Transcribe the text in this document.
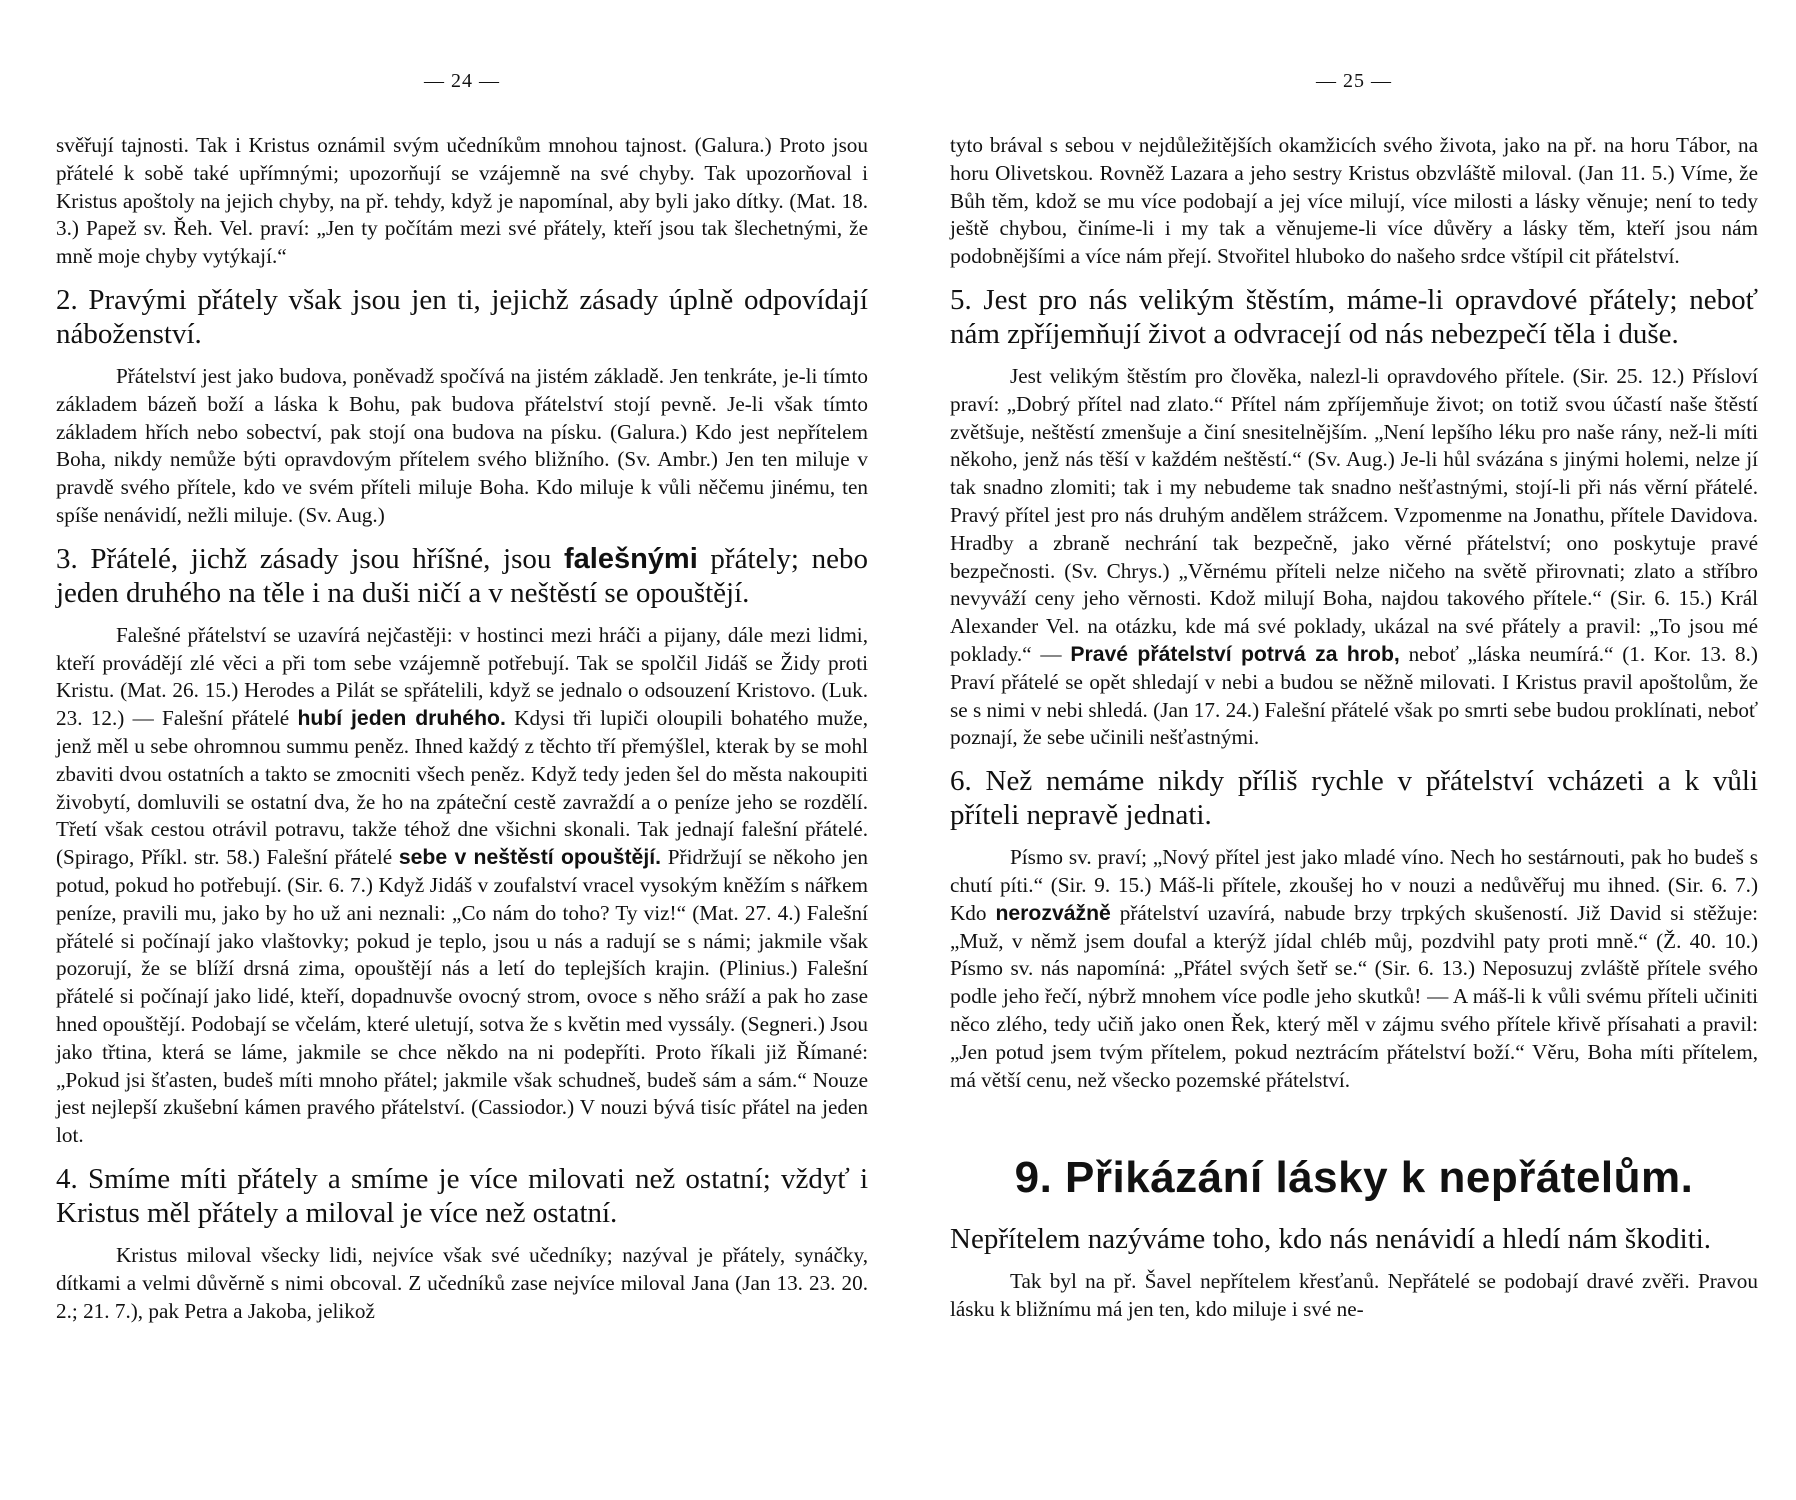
— 24 —

svěřují tajnosti. Tak i Kristus oznámil svým učedníkům mnohou tajnost. (Galura.) Proto jsou přátelé k sobě také upřímnými; upozorňují se vzájemně na své chyby. Tak upozorňoval i Kristus apoštoly na jejich chyby, na př. tehdy, když je napomínal, aby byli jako dítky. (Mat. 18. 3.) Papež sv. Řeh. Vel. praví: „Jen ty počítám mezi své přátely, kteří jsou tak šlechetnými, že mně moje chyby vytýkají.“

2. Pravými přátely však jsou jen ti, jejichž zásady úplně odpovídají náboženství.

Přátelství jest jako budova, poněvadž spočívá na jistém základě. Jen tenkráte, je-li tímto základem bázeň boží a láska k Bohu, pak budova přátelství stojí pevně. Je-li však tímto základem hřích nebo sobectví, pak stojí ona budova na písku. (Galura.) Kdo jest nepřítelem Boha, nikdy nemůže býti opravdovým přítelem svého bližního. (Sv. Ambr.) Jen ten miluje v pravdě svého přítele, kdo ve svém příteli miluje Boha. Kdo miluje k vůli něčemu jinému, ten spíše nenávidí, nežli miluje. (Sv. Aug.)

3. Přátelé, jichž zásady jsou hříšné, jsou falešnými přátely; nebo jeden druhého na těle i na duši ničí a v neštěstí se opouštějí.

Falešné přátelství se uzavírá nejčastěji: v hostinci mezi hráči a pijany, dále mezi lidmi, kteří provádějí zlé věci a při tom sebe vzájemně potřebují. Tak se spolčil Jidáš se Židy proti Kristu. (Mat. 26. 15.) Herodes a Pilát se spřátelili, když se jednalo o odsouzení Kristovo. (Luk. 23. 12.) — Falešní přátelé hubí jeden druhého. Kdysi tři lupiči oloupili bohatého muže, jenž měl u sebe ohromnou summu peněz. Ihned každý z těchto tří přemýšlel, kterak by se mohl zbaviti dvou ostatních a takto se zmocniti všech peněz. Když tedy jeden šel do města nakoupiti živobytí, domluvili se ostatní dva, že ho na zpáteční cestě zavraždí a o peníze jeho se rozdělí. Třetí však cestou otrávil potravu, takže téhož dne všichni skonali. Tak jednají falešní přátelé. (Spirago, Příkl. str. 58.) Falešní přátelé sebe v neštěstí opouštějí. Přidržují se někoho jen potud, pokud ho potřebují. (Sir. 6. 7.) Když Jidáš v zoufalství vracel vysokým kněžím s nářkem peníze, pravili mu, jako by ho už ani neznali: „Co nám do toho? Ty viz!“ (Mat. 27. 4.) Falešní přátelé si počínají jako vlaštovky; pokud je teplo, jsou u nás a radují se s námi; jakmile však pozorují, že se blíží drsná zima, opouštějí nás a letí do teplejších krajin. (Plinius.) Falešní přátelé si počínají jako lidé, kteří, dopadnuvše ovocný strom, ovoce s něho sráží a pak ho zase hned opouštějí. Podobají se včelám, které uletují, sotva že s květin med vyssály. (Segneri.) Jsou jako třtina, která se láme, jakmile se chce někdo na ni podepříti. Proto říkali již Římané: „Pokud jsi šťasten, budeš míti mnoho přátel; jakmile však schudneš, budeš sám a sám.“ Nouze jest nejlepší zkušební kámen pravého přátelství. (Cassiodor.) V nouzi bývá tisíc přátel na jeden lot.

4. Smíme míti přátely a smíme je více milovati než ostatní; vždyť i Kristus měl přátely a miloval je více než ostatní.

Kristus miloval všecky lidi, nejvíce však své učedníky; nazýval je přátely, synáčky, dítkami a velmi důvěrně s nimi obcoval. Z učedníků zase nejvíce miloval Jana (Jan 13. 23. 20. 2.; 21. 7.), pak Petra a Jakoba, jelikož

— 25 —

tyto brával s sebou v nejdůležitějších okamžicích svého života, jako na př. na horu Tábor, na horu Olivetskou. Rovněž Lazara a jeho sestry Kristus obzvláště miloval. (Jan 11. 5.) Víme, že Bůh těm, kdož se mu více podobají a jej více milují, více milosti a lásky věnuje; není to tedy ještě chybou, činíme-li i my tak a věnujeme-li více důvěry a lásky těm, kteří jsou nám podobnějšími a více nám přejí. Stvořitel hluboko do našeho srdce vštípil cit přátelství.

5. Jest pro nás velikým štěstím, máme-li opravdové přátely; neboť nám zpříjemňují život a odvracejí od nás nebezpečí těla i duše.

Jest velikým štěstím pro člověka, nalezl-li opravdového přítele. (Sir. 25. 12.) Přísloví praví: „Dobrý přítel nad zlato.“ Přítel nám zpříjemňuje život; on totiž svou účastí naše štěstí zvětšuje, neštěstí zmenšuje a činí snesitelnějším. „Není lepšího léku pro naše rány, než-li míti někoho, jenž nás těší v každém neštěstí.“ (Sv. Aug.) Je-li hůl svázána s jinými holemi, nelze jí tak snadno zlomiti; tak i my nebudeme tak snadno nešťastnými, stojí-li při nás věrní přátelé. Pravý přítel jest pro nás druhým andělem strážcem. Vzpomenme na Jonathu, přítele Davidova. Hradby a zbraně nechrání tak bezpečně, jako věrné přátelství; ono poskytuje pravé bezpečnosti. (Sv. Chrys.) „Věrnému příteli nelze ničeho na světě přirovnati; zlato a stříbro nevyváží ceny jeho věrnosti. Kdož milují Boha, najdou takového přítele.“ (Sir. 6. 15.) Král Alexander Vel. na otázku, kde má své poklady, ukázal na své přátely a pravil: „To jsou mé poklady.“ — Pravé přátelství potrvá za hrob, neboť „láska neumírá.“ (1. Kor. 13. 8.) Praví přátelé se opět shledají v nebi a budou se něžně milovati. I Kristus pravil apoštolům, že se s nimi v nebi shledá. (Jan 17. 24.) Falešní přátelé však po smrti sebe budou proklínati, neboť poznají, že sebe učinili nešťastnými.

6. Než nemáme nikdy příliš rychle v přátelství vcházeti a k vůli příteli nepravě jednati.

Písmo sv. praví; „Nový přítel jest jako mladé víno. Nech ho sestárnouti, pak ho budeš s chutí píti.“ (Sir. 9. 15.) Máš-li přítele, zkoušej ho v nouzi a nedůvěřuj mu ihned. (Sir. 6. 7.) Kdo nerozvážně přátelství uzavírá, nabude brzy trpkých skušeností. Již David si stěžuje: „Muž, v němž jsem doufal a kterýž jídal chléb můj, pozdvihl paty proti mně.“ (Ž. 40. 10.) Písmo sv. nás napomíná: „Přátel svých šetř se.“ (Sir. 6. 13.) Neposuzuj zvláště přítele svého podle jeho řečí, nýbrž mnohem více podle jeho skutků! — A máš-li k vůli svému příteli učiniti něco zlého, tedy učiň jako onen Řek, který měl v zájmu svého přítele křivě přísahati a pravil: „Jen potud jsem tvým přítelem, pokud neztrácím přátelství boží.“ Věru, Boha míti přítelem, má větší cenu, než všecko pozemské přátelství.

9. Přikázání lásky k nepřátelům.
Nepřítelem nazýváme toho, kdo nás nenávidí a hledí nám škoditi.

Tak byl na př. Šavel nepřítelem křesťanů. Nepřátelé se podobají dravé zvěři. Pravou lásku k bližnímu má jen ten, kdo miluje i své ne-
